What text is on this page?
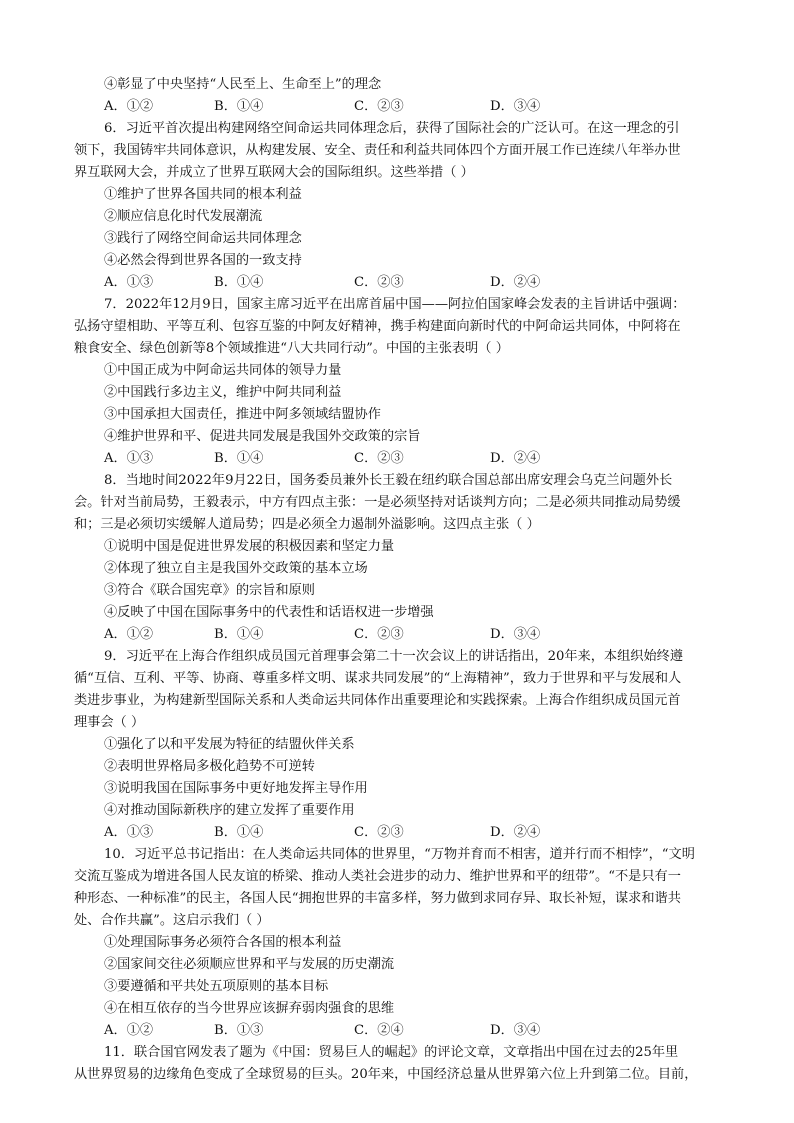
④彰显了中央坚持“人民至上、生命至上”的理念
A．①②	B．①④	C．②③	D．③④
6．习近平首次提出构建网络空间命运共同体理念后，获得了国际社会的广泛认可。在这一理念的引
领下，我国铸牢共同体意识，从构建发展、安全、责任和利益共同体四个方面开展工作已连续八年举办世
界互联网大会，并成立了世界互联网大会的国际组织。这些举措（ ）
①维护了世界各国共同的根本利益
②顺应信息化时代发展潮流
③践行了网络空间命运共同体理念
④必然会得到世界各国的一致支持
A．①③	B．①④	C．②③	D．②④
7．2022年12月9日，国家主席习近平在出席首届中国——阿拉伯国家峰会发表的主旨讲话中强调：
弘扬守望相助、平等互利、包容互鉴的中阿友好精神，携手构建面向新时代的中阿命运共同体，中阿将在
粮食安全、绿色创新等8个领域推进“八大共同行动”。中国的主张表明（ ）
①中国正成为中阿命运共同体的领导力量
②中国践行多边主义，维护中阿共同利益
③中国承担大国责任，推进中阿多领域结盟协作
④维护世界和平、促进共同发展是我国外交政策的宗旨
A．①③	B．①④	C．②③	D．②④
8．当地时间2022年9月22日，国务委员兼外长王毅在纽约联合国总部出席安理会乌克兰问题外长
会。针对当前局势，王毅表示，中方有四点主张：一是必须坚持对话谈判方向；二是必须共同推动局势缓
和；三是必须切实缓解人道局势；四是必须全力遏制外溢影响。这四点主张（ ）
①说明中国是促进世界发展的积极因素和坚定力量
②体现了独立自主是我国外交政策的基本立场
③符合《联合国宪章》的宗旨和原则
④反映了中国在国际事务中的代表性和话语权进一步增强
A．①②	B．①④	C．②③	D．③④
9．习近平在上海合作组织成员国元首理事会第二十一次会议上的讲话指出，20年来，本组织始终遵
循“互信、互利、平等、协商、尊重多样文明、谋求共同发展”的“上海精神”，致力于世界和平与发展和人
类进步事业，为构建新型国际关系和人类命运共同体作出重要理论和实践探索。上海合作组织成员国元首
理事会（ ）
①强化了以和平发展为特征的结盟伙伴关系
②表明世界格局多极化趋势不可逆转
③说明我国在国际事务中更好地发挥主导作用
④对推动国际新秩序的建立发挥了重要作用
A．①③	B．①④	C．②③	D．②④
10．习近平总书记指出：在人类命运共同体的世界里，“万物并育而不相害，道并行而不相悖”，“文明
交流互鉴成为增进各国人民友谊的桥梁、推动人类社会进步的动力、维护世界和平的纽带”。“不是只有一
种形态、一种标准”的民主，各国人民“拥抱世界的丰富多样，努力做到求同存异、取长补短，谋求和谐共
处、合作共赢”。这启示我们（ ）
①处理国际事务必须符合各国的根本利益
②国家间交往必须顺应世界和平与发展的历史潮流
③要遵循和平共处五项原则的基本目标
④在相互依存的当今世界应该摒弃弱肉强食的思维
A．①②	B．①③	C．②④	D．③④
11．联合国官网发表了题为《中国：贸易巨人的崛起》的评论文章，文章指出中国在过去的25年里
从世界贸易的边缘角色变成了全球贸易的巨头。20年来，中国经济总量从世界第六位上升到第二位。目前，
